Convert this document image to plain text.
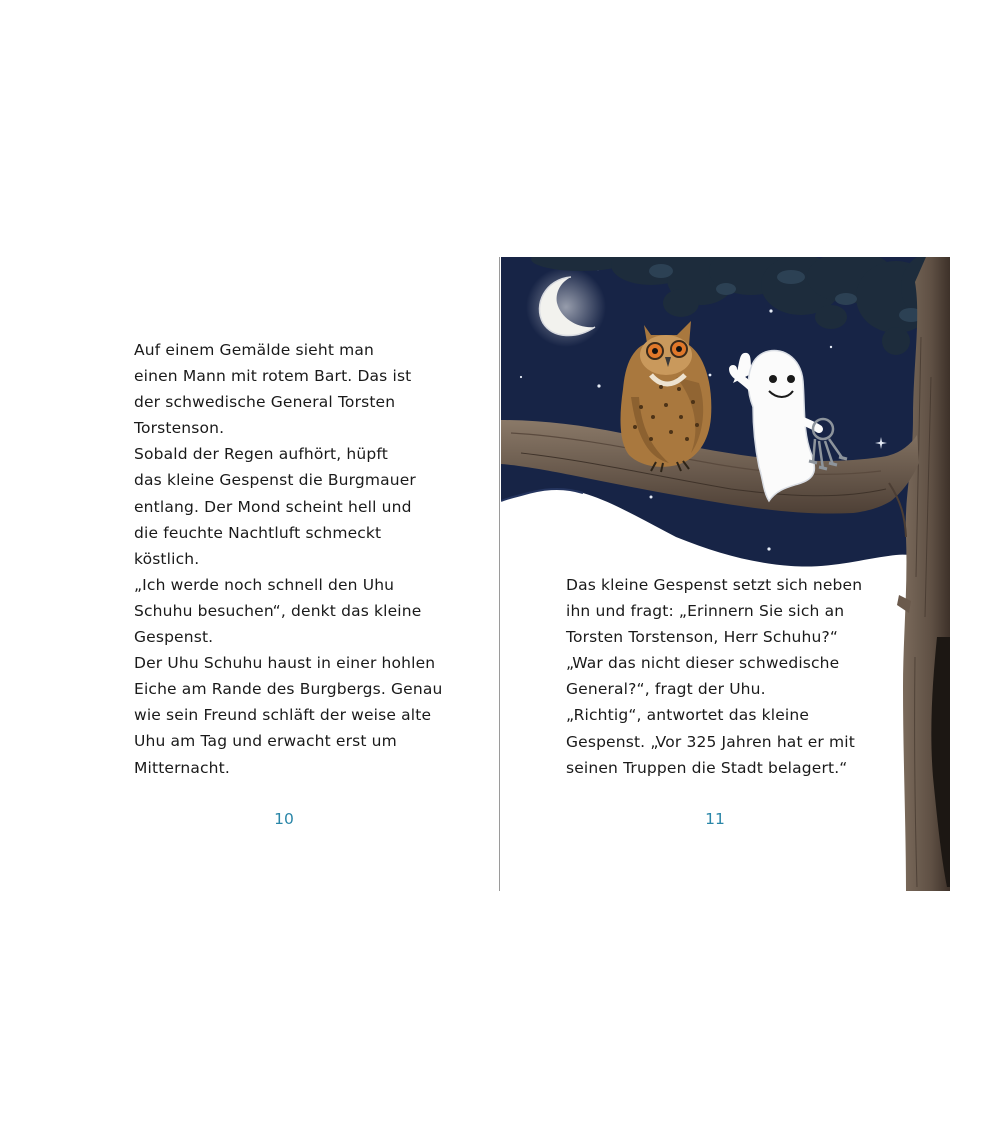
Auf einem Gemälde sieht man

einen Mann mit rotem Bart. Das ist

der schwedische General Torsten

Torstenson.

Sobald der Regen aufhört, hüpft

das kleine Gespenst die Burgmauer

entlang. Der Mond scheint hell und

die feuchte Nachtluft schmeckt

köstlich.

„Ich werde noch schnell den Uhu

Schuhu besuchen“, denkt das kleine

Gespenst.

Der Uhu Schuhu haust in einer hohlen

Eiche am Rande des Burgbergs. Genau

wie sein Freund schläft der weise alte

Uhu am Tag und erwacht erst um

Mitternacht.

10

Das kleine Gespenst setzt sich neben

ihn und fragt: „Erinnern Sie sich an

Torsten Torstenson, Herr Schuhu?“

„War das nicht dieser schwedische

General?“, fragt der Uhu.

„Richtig“, antwortet das kleine

Gespenst. „Vor 325 Jahren hat er mit

seinen Truppen die Stadt belagert.“

11
